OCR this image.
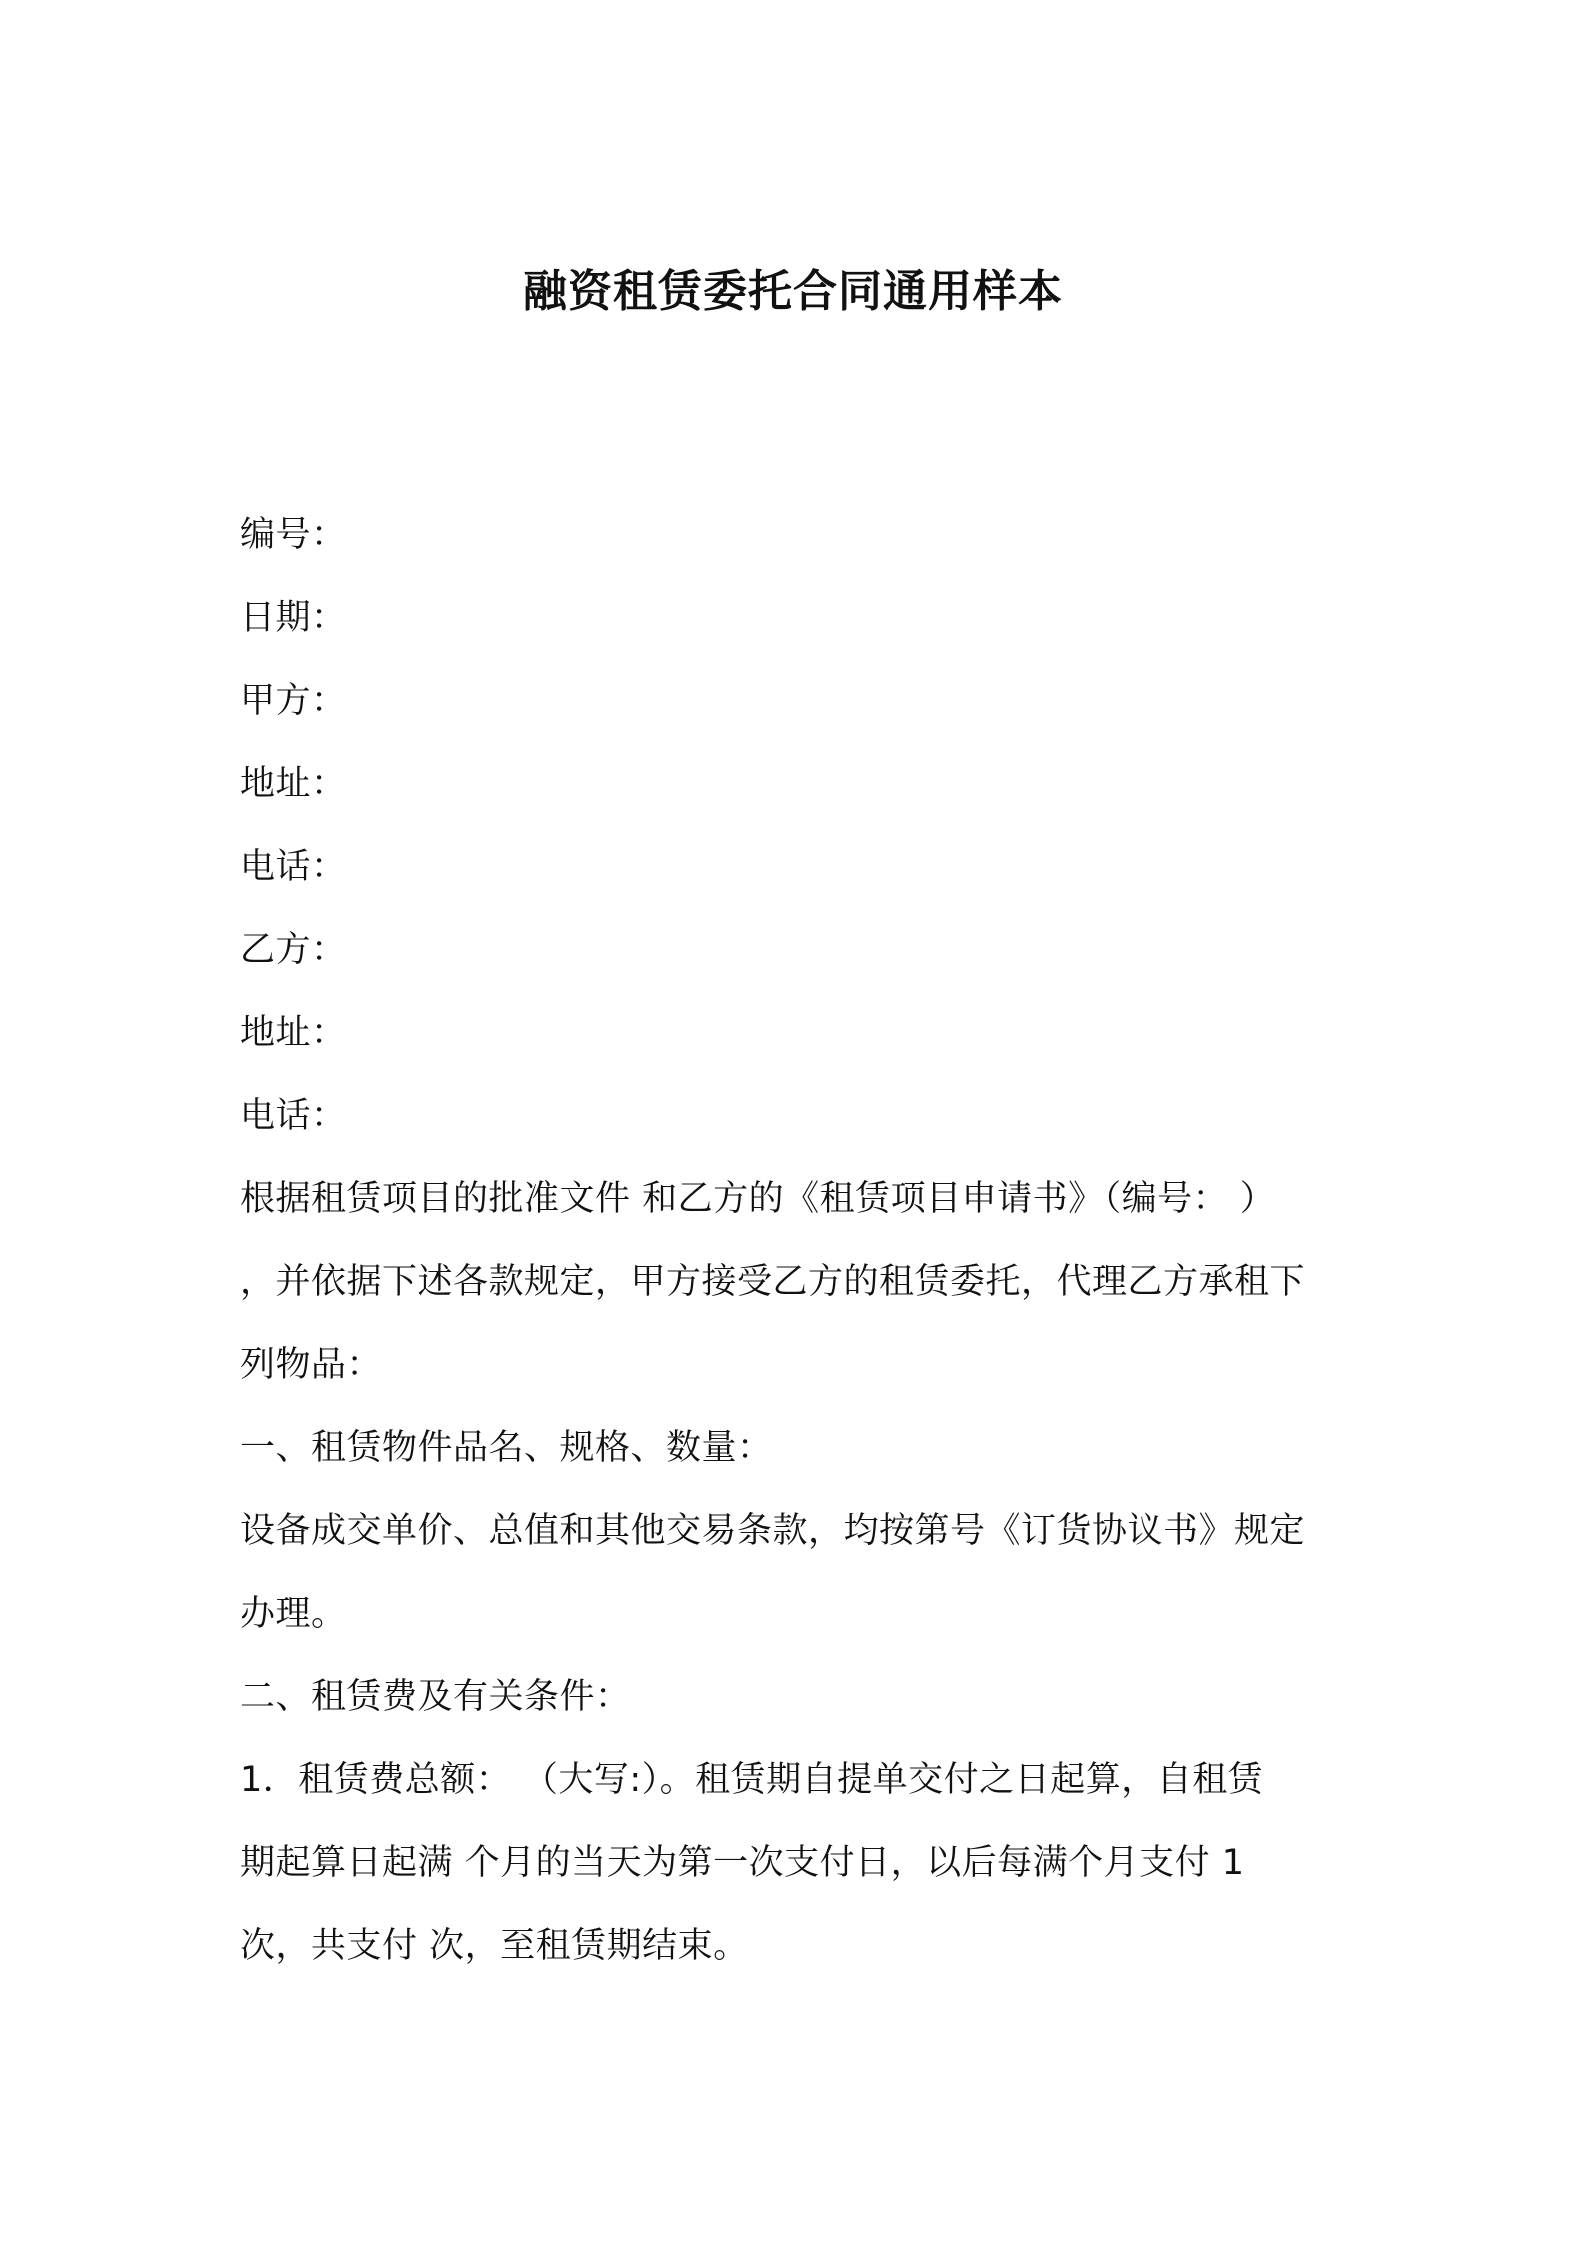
融资租赁委托合同通用样本
编号：
日期：
甲方：
地址：
电话：
乙方：
地址：
电话：
根据租赁项目的批准文件 和乙方的《租赁项目申请书》（编号： ）
，并依据下述各款规定，甲方接受乙方的租赁委托，代理乙方承租下
列物品：
一、租赁物件品名、规格、数量：
设备成交单价、总值和其他交易条款，均按第号《订货协议书》规定
办理。
二、租赁费及有关条件：
1．租赁费总额： （大写:）。租赁期自提单交付之日起算，自租赁
期起算日起满 个月的当天为第一次支付日，以后每满个月支付 1
次，共支付 次，至租赁期结束。
